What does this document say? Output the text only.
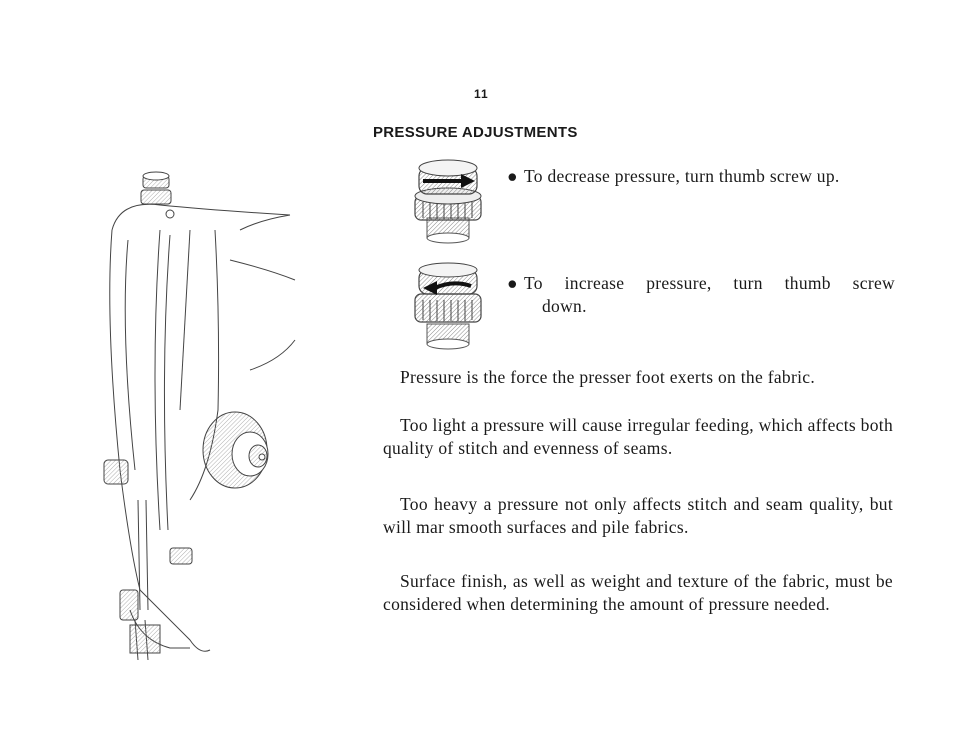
11
PRESSURE ADJUSTMENTS
● To decrease pressure, turn thumb screw up.
● To increase pressure, turn thumb screw
down.
Pressure is the force the presser foot exerts on the fabric.
Too light a pressure will cause irregular feeding, which affects both quality of stitch and evenness of seams.
Too heavy a pressure not only affects stitch and seam quality, but will mar smooth surfaces and pile fabrics.
Surface finish, as well as weight and texture of the fabric, must be considered when determining the amount of pressure needed.
